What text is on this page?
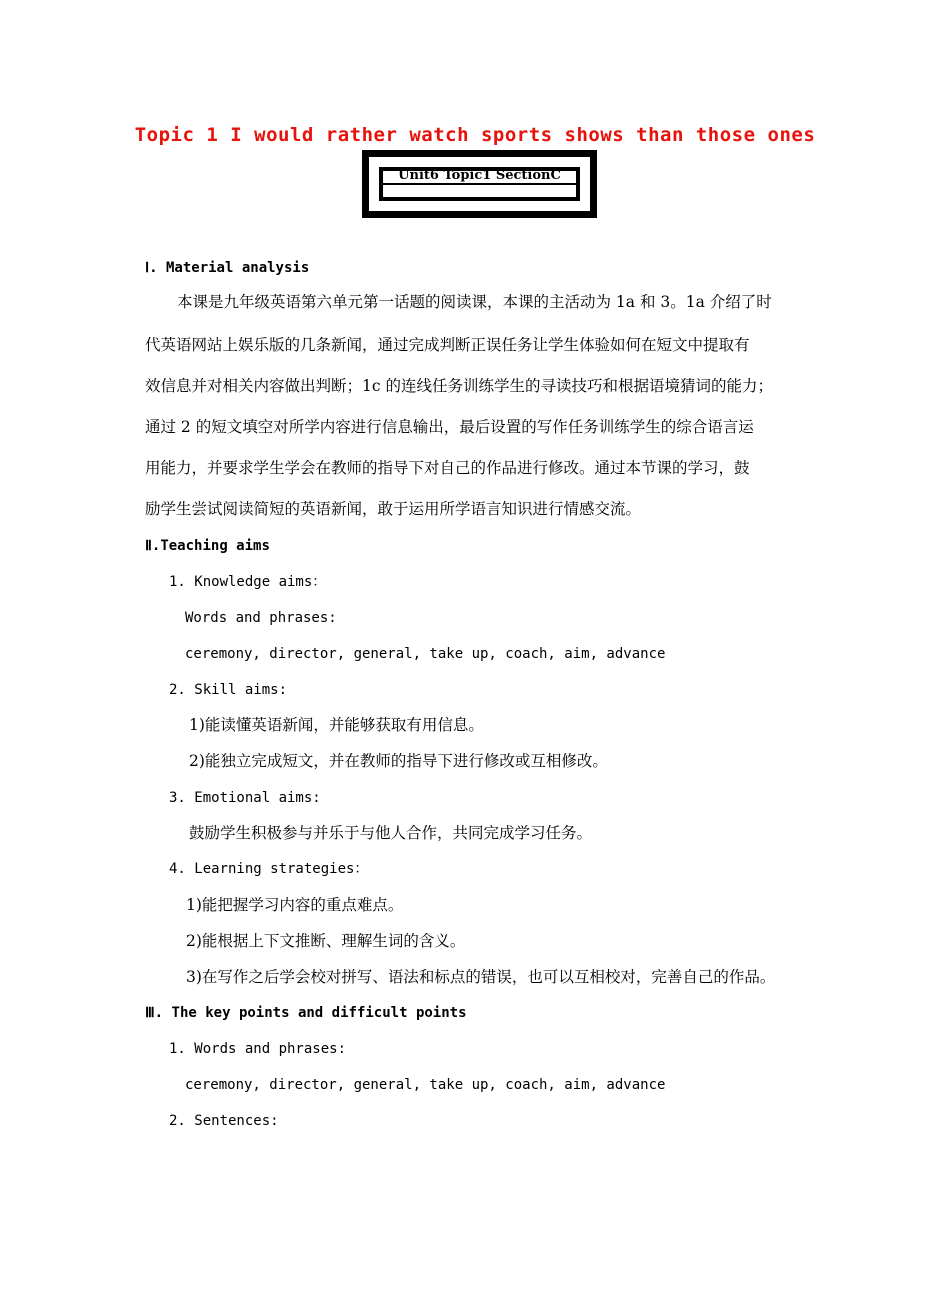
Topic 1 I would rather watch sports shows than those ones
Unit6 Topic1 SectionC
Ⅰ. Material analysis
本课是九年级英语第六单元第一话题的阅读课，本课的主活动为 1a 和 3。1a 介绍了时
代英语网站上娱乐版的几条新闻，通过完成判断正误任务让学生体验如何在短文中提取有
效信息并对相关内容做出判断；1c 的连线任务训练学生的寻读技巧和根据语境猜词的能力；
通过 2 的短文填空对所学内容进行信息输出，最后设置的写作任务训练学生的综合语言运
用能力，并要求学生学会在教师的指导下对自己的作品进行修改。通过本节课的学习，鼓
励学生尝试阅读简短的英语新闻，敢于运用所学语言知识进行情感交流。
Ⅱ.Teaching aims
1. Knowledge aims：
Words and phrases:
ceremony, director, general, take up, coach, aim, advance
2. Skill aims:
1)能读懂英语新闻，并能够获取有用信息。
2)能独立完成短文，并在教师的指导下进行修改或互相修改。
3. Emotional aims:
鼓励学生积极参与并乐于与他人合作，共同完成学习任务。
4. Learning strategies：
1)能把握学习内容的重点难点。
2)能根据上下文推断、理解生词的含义。
3)在写作之后学会校对拼写、语法和标点的错误，也可以互相校对，完善自己的作品。
Ⅲ. The key points and difficult points
1. Words and phrases:
ceremony, director, general, take up, coach, aim, advance
2. Sentences:
